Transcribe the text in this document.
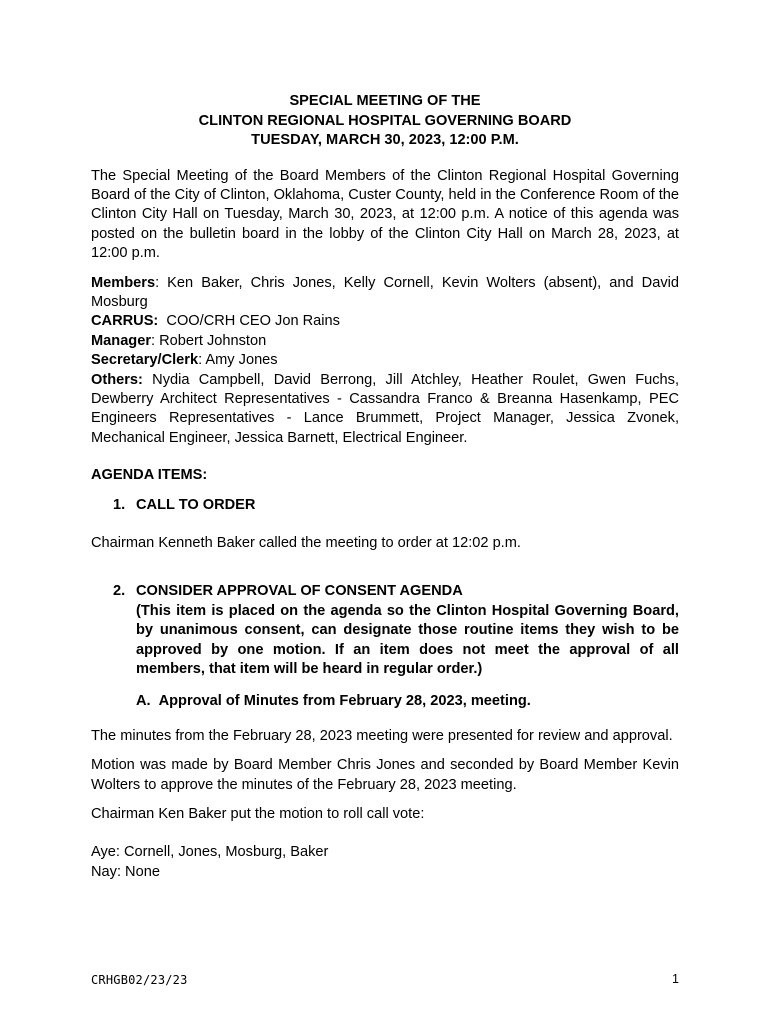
SPECIAL MEETING OF THE
CLINTON REGIONAL HOSPITAL GOVERNING BOARD
TUESDAY, MARCH 30, 2023, 12:00 P.M.

The Special Meeting of the Board Members of the Clinton Regional Hospital Governing Board of the City of Clinton, Oklahoma, Custer County, held in the Conference Room of the Clinton City Hall on Tuesday, March 30, 2023, at 12:00 p.m. A notice of this agenda was posted on the bulletin board in the lobby of the Clinton City Hall on March 28, 2023, at 12:00 p.m.

Members: Ken Baker, Chris Jones, Kelly Cornell, Kevin Wolters (absent), and David Mosburg

CARRUS:  COO/CRH CEO Jon Rains

Manager: Robert Johnston

Secretary/Clerk: Amy Jones

Others: Nydia Campbell, David Berrong, Jill Atchley, Heather Roulet, Gwen Fuchs, Dewberry Architect Representatives - Cassandra Franco & Breanna Hasenkamp, PEC Engineers Representatives - Lance Brummett, Project Manager, Jessica Zvonek, Mechanical Engineer, Jessica Barnett, Electrical Engineer.

AGENDA ITEMS:

1. CALL TO ORDER

Chairman Kenneth Baker called the meeting to order at 12:02 p.m.

2. CONSIDER APPROVAL OF CONSENT AGENDA
(This item is placed on the agenda so the Clinton Hospital Governing Board, by unanimous consent, can designate those routine items they wish to be approved by one motion. If an item does not meet the approval of all members, that item will be heard in regular order.)
A. Approval of Minutes from February 28, 2023, meeting.

The minutes from the February 28, 2023 meeting were presented for review and approval.

Motion was made by Board Member Chris Jones and seconded by Board Member Kevin Wolters to approve the minutes of the February 28, 2023 meeting.

Chairman Ken Baker put the motion to roll call vote:

Aye: Cornell, Jones, Mosburg, Baker

Nay: None

CRHGB02/23/23	1
